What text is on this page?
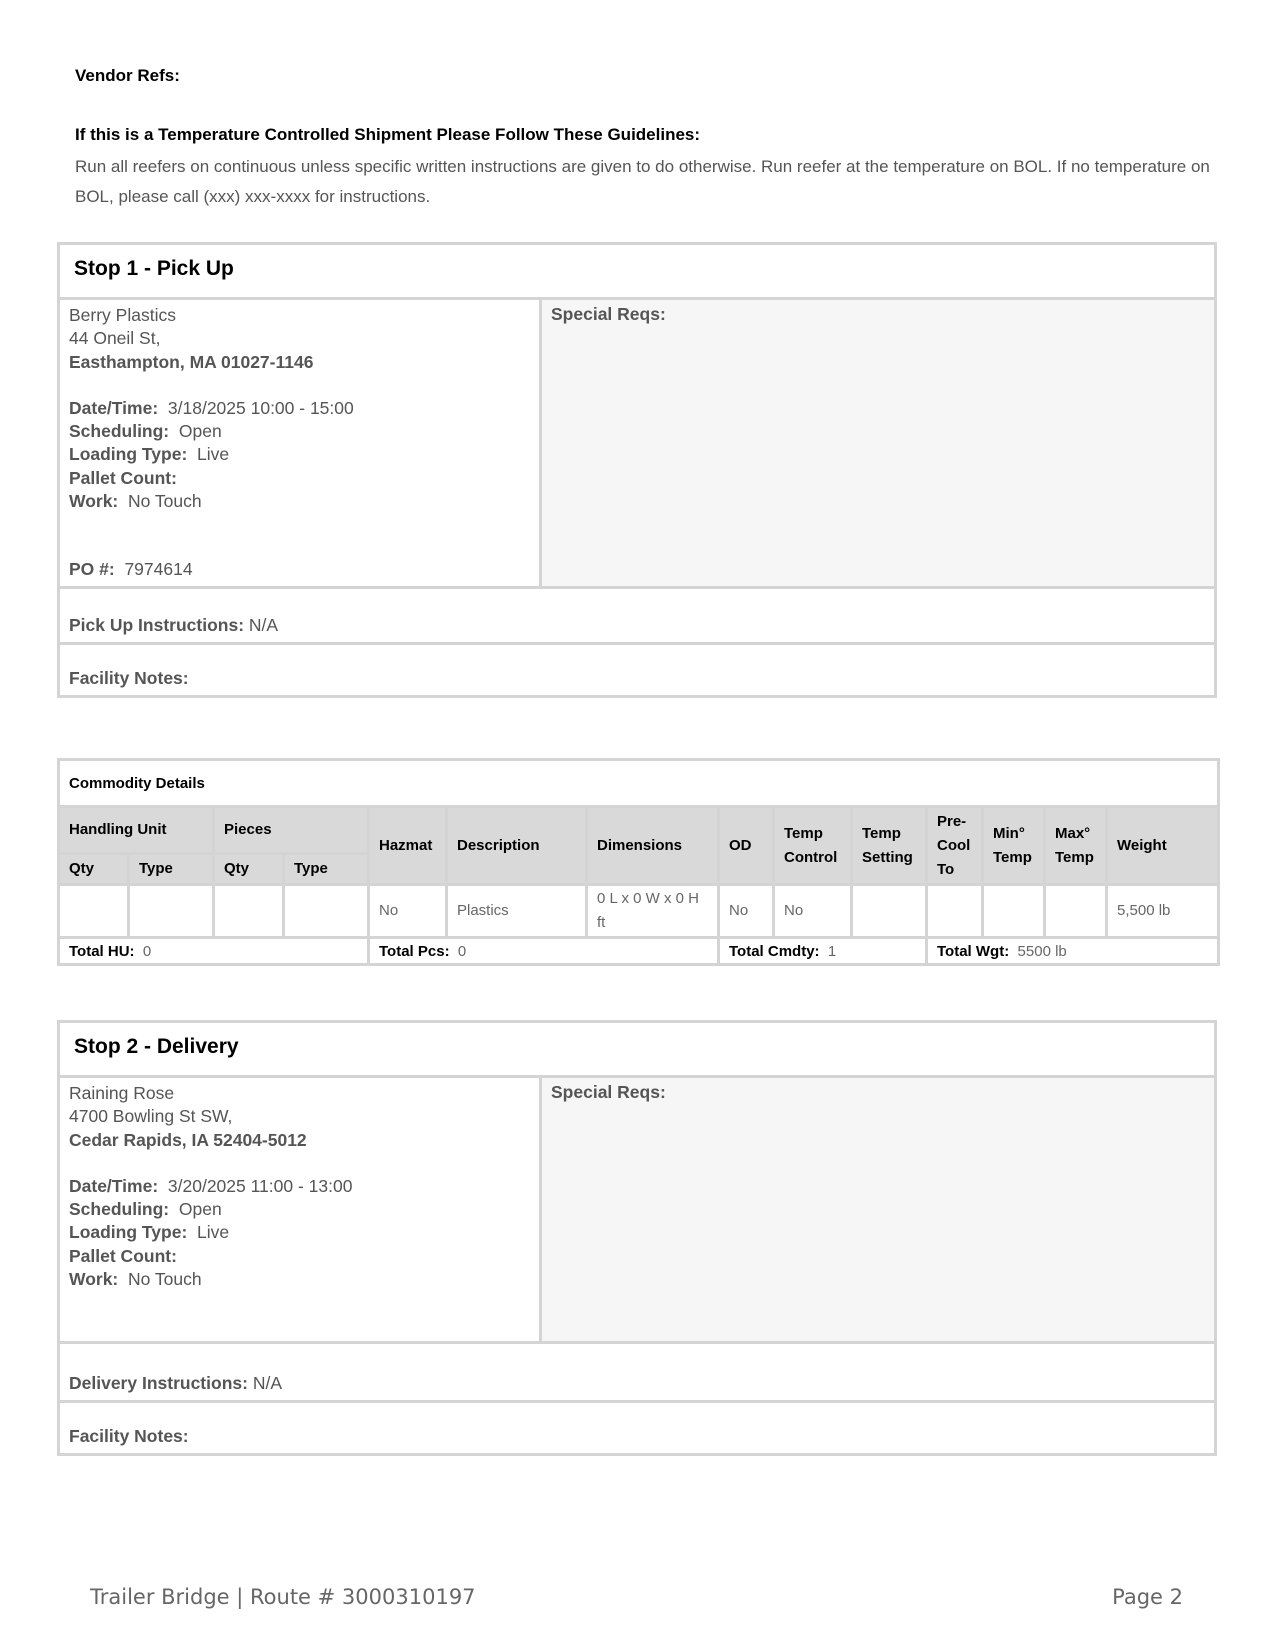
Vendor Refs:
If this is a Temperature Controlled Shipment Please Follow These Guidelines:
Run all reefers on continuous unless specific written instructions are given to do otherwise. Run reefer at the temperature on BOL. If no temperature on BOL, please call (xxx) xxx-xxxx for instructions.
Stop 1 - Pick Up
Berry Plastics
44 Oneil St,
Easthampton, MA 01027-1146
Date/Time: 3/18/2025 10:00 - 15:00
Scheduling: Open
Loading Type: Live
Pallet Count:
Work: No Touch
PO #: 7974614
Special Reqs:
Pick Up Instructions:
N/A
Facility Notes:
Commodity Details													
Handling Unit		Pieces		Hazmat	Description	Dimensions	OD	Temp Control	Temp Setting	Pre-Cool To	Min° Temp	Max° Temp	Weight
Qty	Type	Qty	Type										
				No	Plastics	0 L x 0 W x 0 H ft	No	No					5,500 lb
Total HU: 0				Total Pcs: 0			Total Cmdty: 1			Total Wgt: 5500 lb			
Stop 2 - Delivery
Raining Rose
4700 Bowling St SW,
Cedar Rapids, IA 52404-5012
Date/Time: 3/20/2025 11:00 - 13:00
Scheduling: Open
Loading Type: Live
Pallet Count:
Work: No Touch
Special Reqs:
Delivery Instructions:
N/A
Facility Notes:
Trailer Bridge | Route # 3000310197	Page 2
